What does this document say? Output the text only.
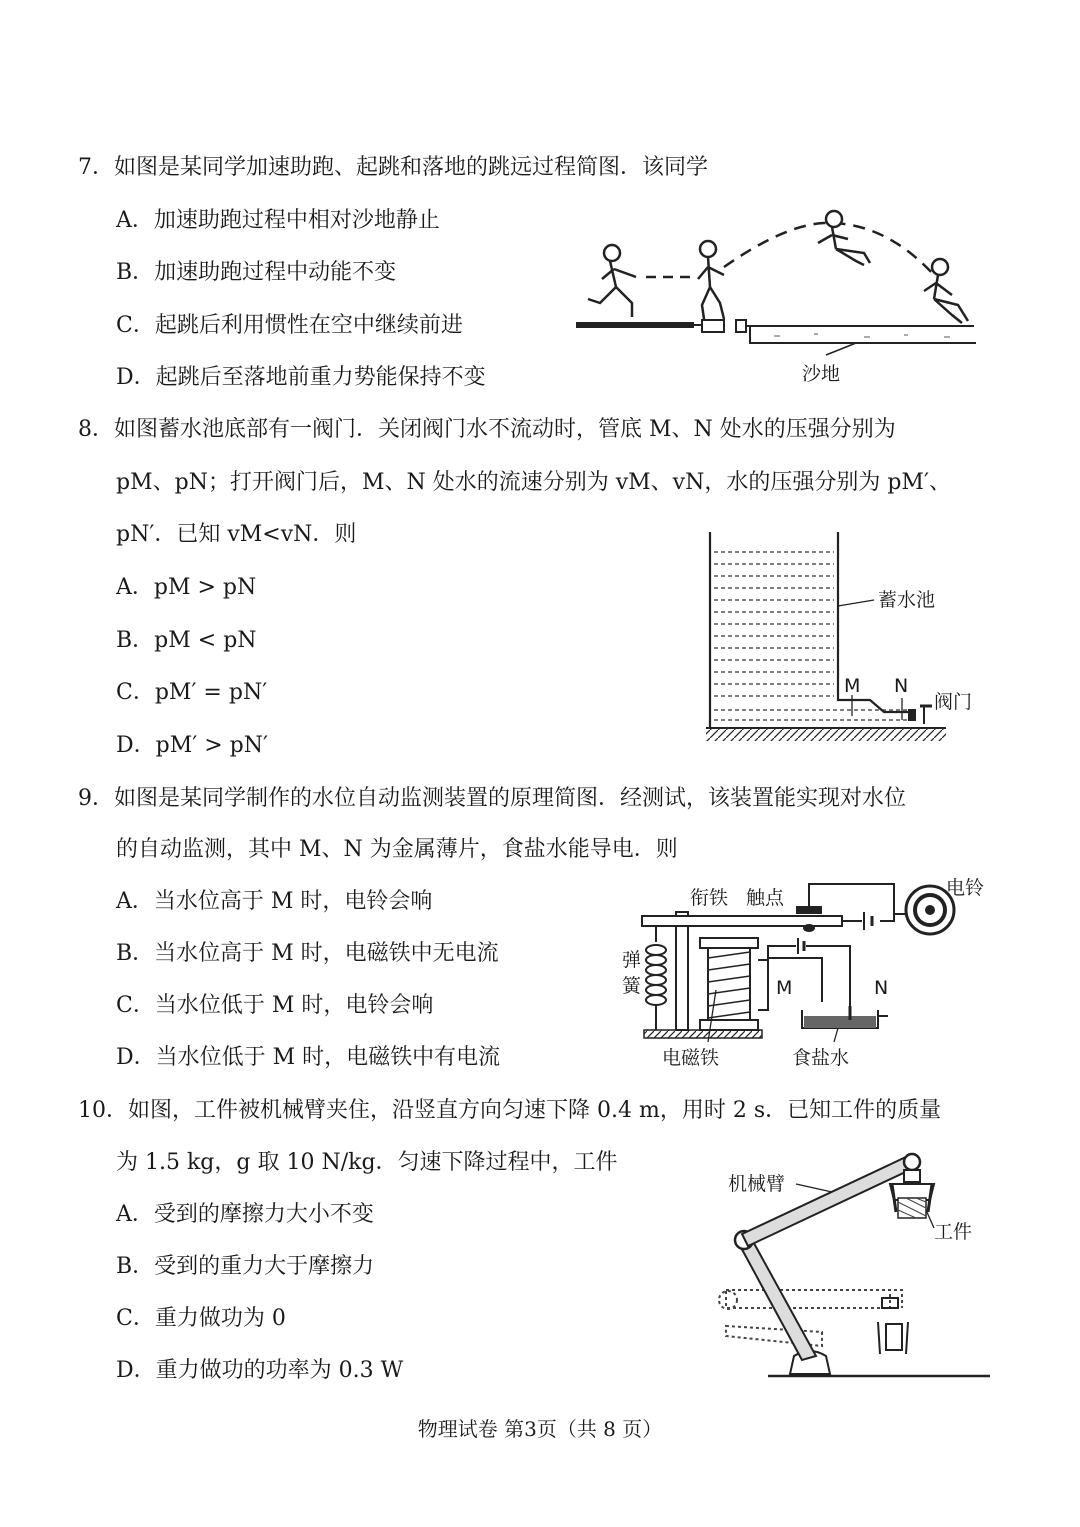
7．如图是某同学加速助跑、起跳和落地的跳远过程简图．该同学
A．加速助跑过程中相对沙地静止
B．加速助跑过程中动能不变
C．起跳后利用惯性在空中继续前进
D．起跳后至落地前重力势能保持不变	沙地
8．如图蓄水池底部有一阀门．关闭阀门水不流动时，管底 M、N 处水的压强分别为
pM、pN；打开阀门后，M、N 处水的流速分别为 vM、vN，水的压强分别为 pM′、
pN′．已知 vM<vN．则
A．pM > pN
B．pM < pN
C．pM′ = pN′
D．pM′ > pN′
M N
蓄水池
阀门
9．如图是某同学制作的水位自动监测装置的原理简图．经测试，该装置能实现对水位
的自动监测，其中 M、N 为金属薄片，食盐水能导电．则
A．当水位高于 M 时，电铃会响
B．当水位高于 M 时，电磁铁中无电流
C．当水位低于 M 时，电铃会响
D．当水位低于 M 时，电磁铁中有电流
衔铁 触点	电铃
弹
簧	M	N
电磁铁	食盐水
10．如图，工件被机械臂夹住，沿竖直方向匀速下降 0.4 m，用时 2 s．已知工件的质量
为 1.5 kg，g 取 10 N/kg．匀速下降过程中，工件
A．受到的摩擦力大小不变
B．受到的重力大于摩擦力
C．重力做功为 0
D．重力做功的功率为 0.3 W
机械臂
工件
物理试卷 第3页（共 8 页）
